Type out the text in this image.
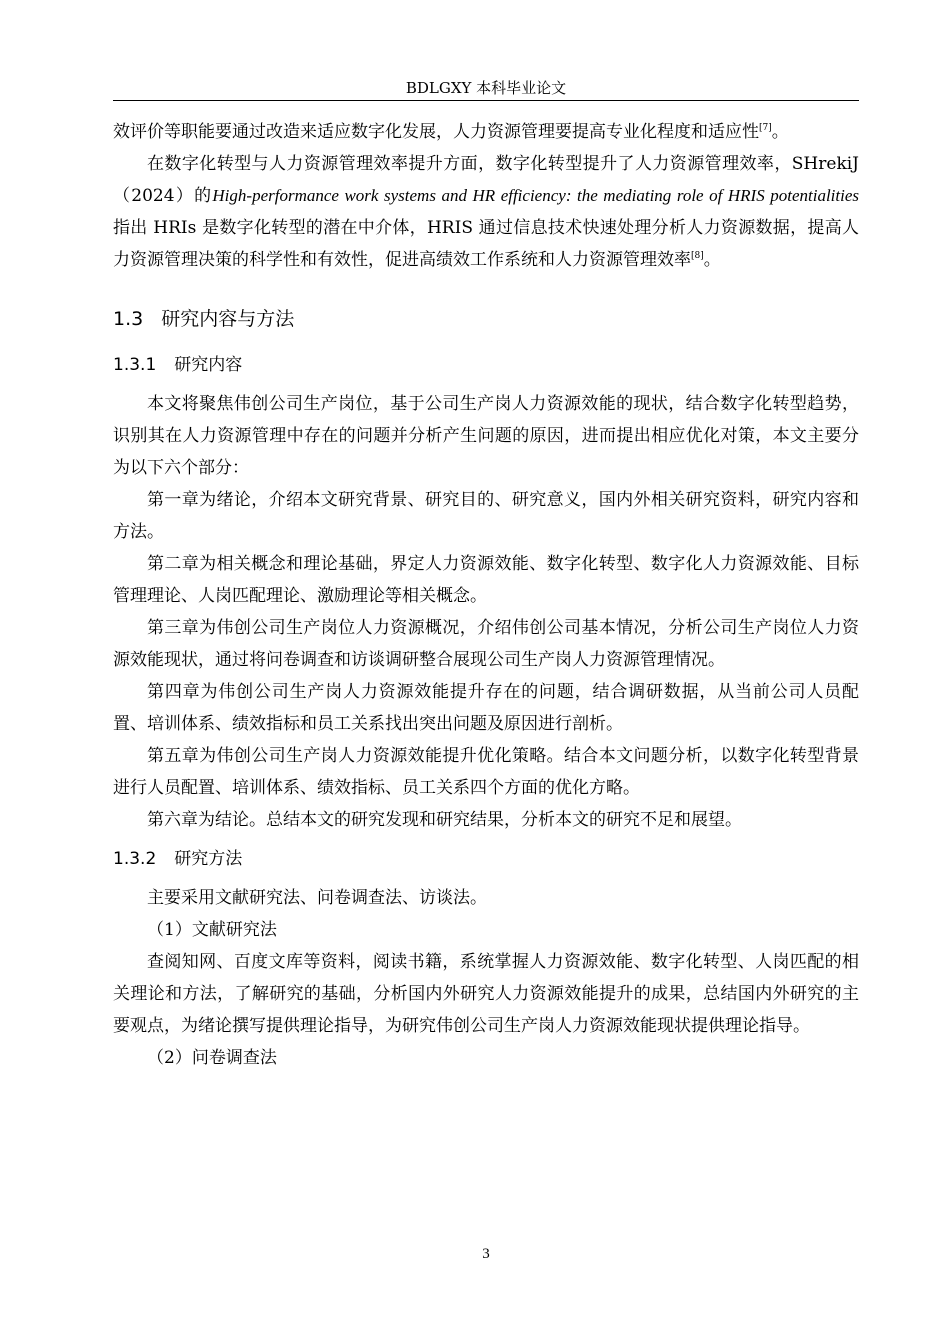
BDLGXY 本科毕业论文

效评价等职能要通过改造来适应数字化发展，人力资源管理要提高专业化程度和适应性[7]。

在数字化转型与人力资源管理效率提升方面，数字化转型提升了人力资源管理效率，SHrekiJ（2024）的High-performance work systems and HR efficiency: the mediating role of HRIS potentialities 指出 HRIs 是数字化转型的潜在中介体，HRIS 通过信息技术快速处理分析人力资源数据，提高人力资源管理决策的科学性和有效性，促进高绩效工作系统和人力资源管理效率[8]。

1.3 研究内容与方法
1.3.1 研究内容

本文将聚焦伟创公司生产岗位，基于公司生产岗人力资源效能的现状，结合数字化转型趋势，识别其在人力资源管理中存在的问题并分析产生问题的原因，进而提出相应优化对策，本文主要分为以下六个部分：

第一章为绪论，介绍本文研究背景、研究目的、研究意义，国内外相关研究资料，研究内容和方法。

第二章为相关概念和理论基础，界定人力资源效能、数字化转型、数字化人力资源效能、目标管理理论、人岗匹配理论、激励理论等相关概念。

第三章为伟创公司生产岗位人力资源概况，介绍伟创公司基本情况，分析公司生产岗位人力资源效能现状，通过将问卷调查和访谈调研整合展现公司生产岗人力资源管理情况。

第四章为伟创公司生产岗人力资源效能提升存在的问题，结合调研数据，从当前公司人员配置、培训体系、绩效指标和员工关系找出突出问题及原因进行剖析。

第五章为伟创公司生产岗人力资源效能提升优化策略。结合本文问题分析，以数字化转型背景进行人员配置、培训体系、绩效指标、员工关系四个方面的优化方略。

第六章为结论。总结本文的研究发现和研究结果，分析本文的研究不足和展望。

1.3.2 研究方法

主要采用文献研究法、问卷调查法、访谈法。

（1）文献研究法

查阅知网、百度文库等资料，阅读书籍，系统掌握人力资源效能、数字化转型、人岗匹配的相关理论和方法，了解研究的基础，分析国内外研究人力资源效能提升的成果，总结国内外研究的主要观点，为绪论撰写提供理论指导，为研究伟创公司生产岗人力资源效能现状提供理论指导。

（2）问卷调查法

3
